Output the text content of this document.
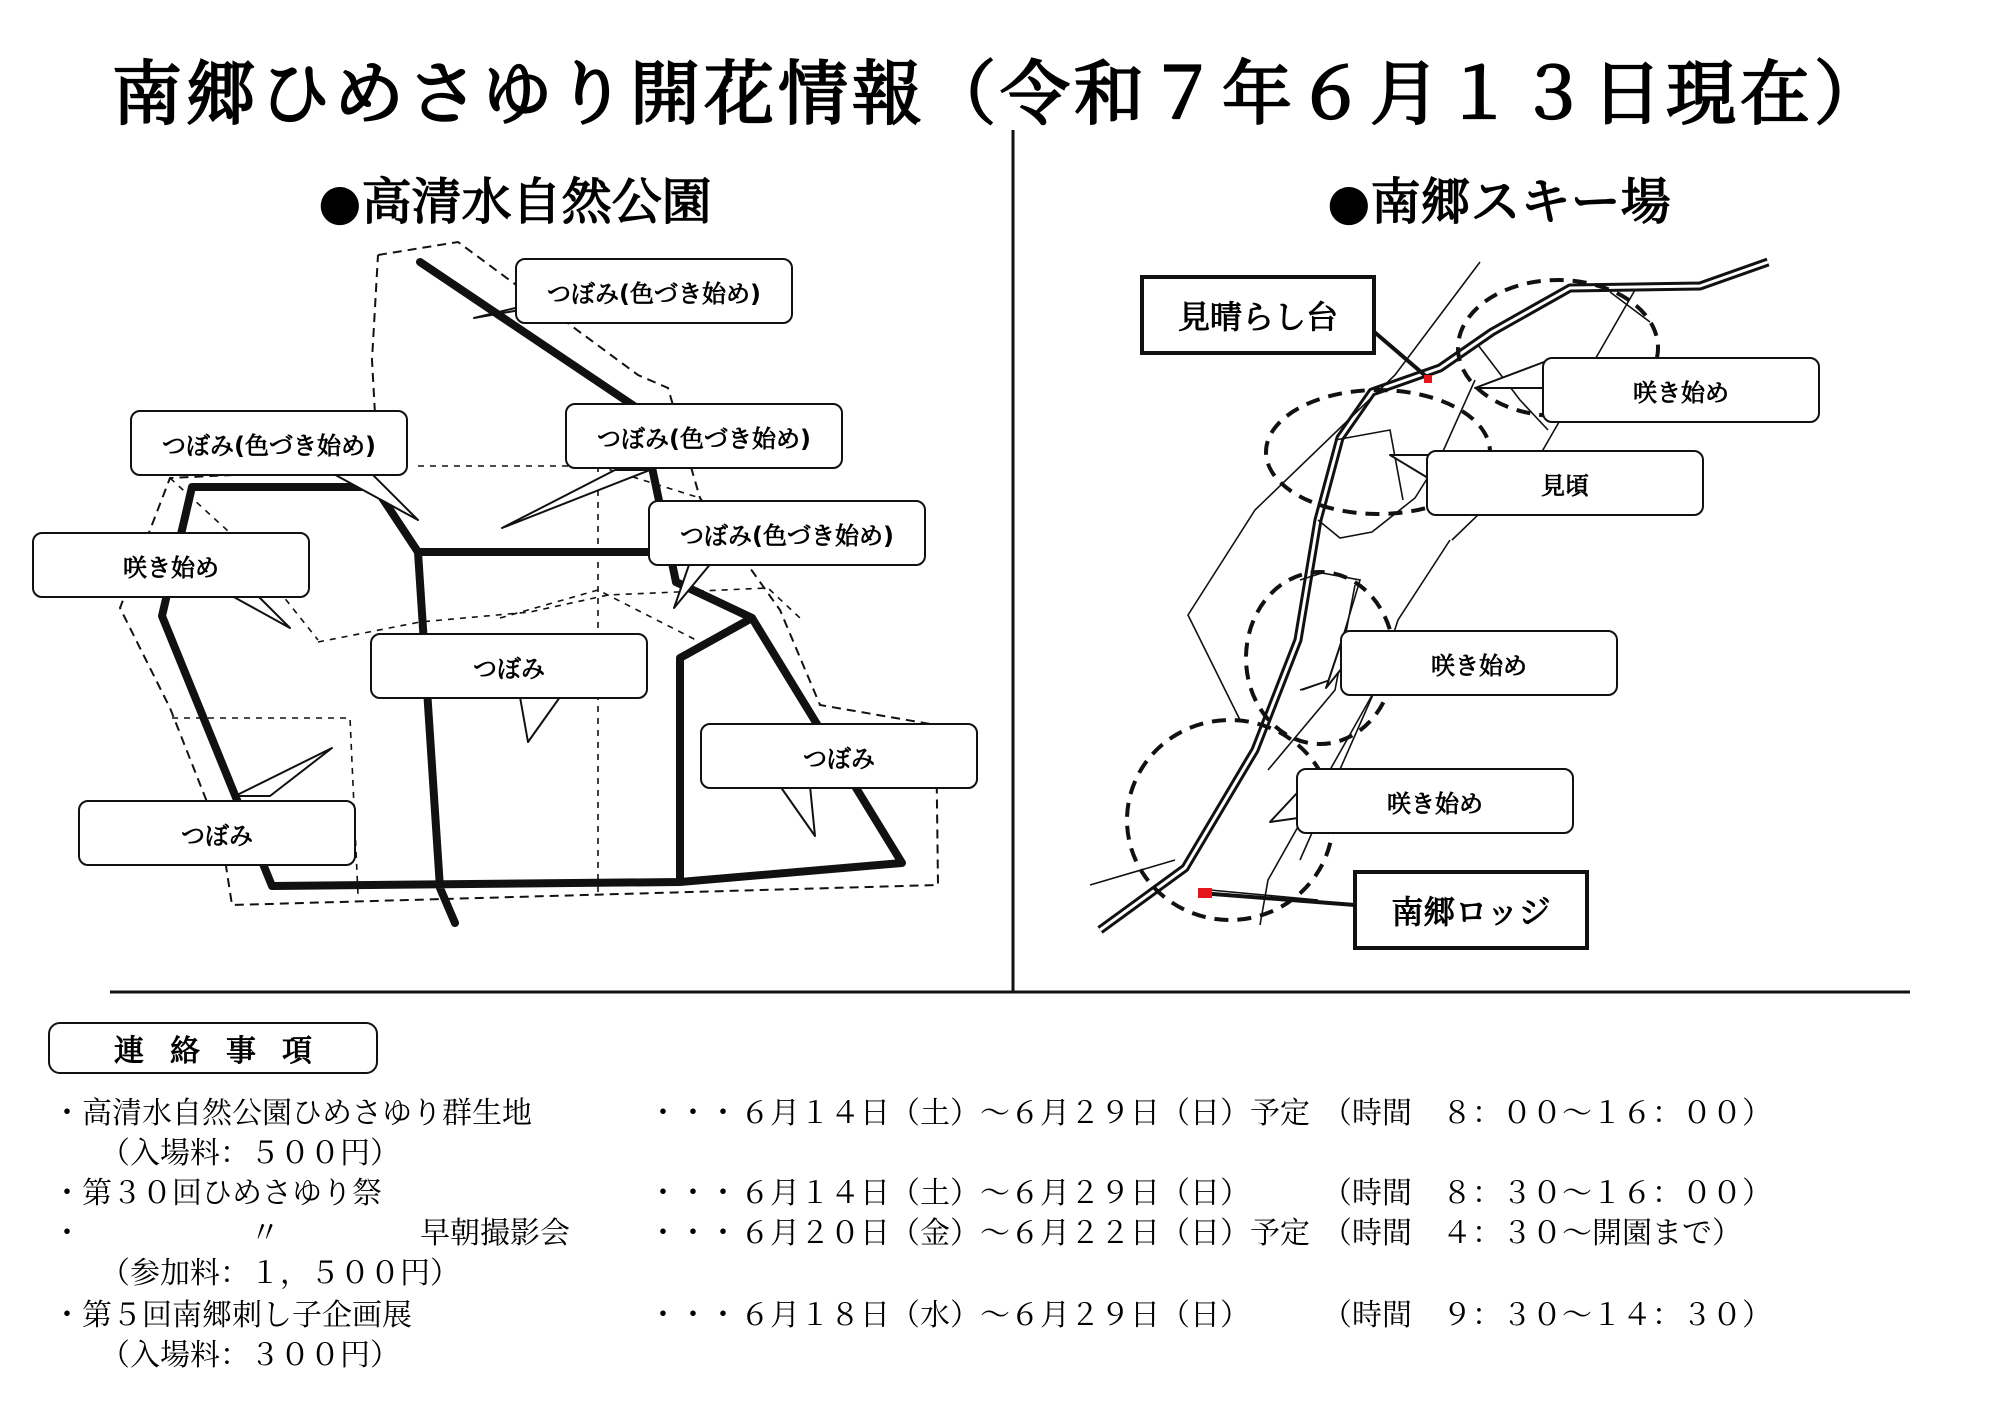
南郷ひめさゆり開花情報（令和７年６月１３日現在）
●高清水自然公園	●南郷スキー場
つぼみ(色づき始め)
つぼみ(色づき始め)	つぼみ(色づき始め)
咲き始め
つぼみ(色づき始め)
つぼみ
つぼみ
つぼみ
咲き始め
見頃
咲き始め
咲き始め
見晴らし台
南郷ロッジ
連絡事項
・高清水自然公園ひめさゆり群生地	・・・ ６月１４日（土）～６月２９日（日）予定 （時間　８：００～１６：００）
（入場料：５００円）
・第３０回ひめさゆり祭	・・・ ６月１４日（土）～６月２９日（日） （時間　８：３０～１６：００）
・	〃	早朝撮影会	・・・ ６月２０日（金）～６月２２日（日）予定 （時間　４：３０～開園まで）
（参加料：１，５００円）
・第５回南郷刺し子企画展	・・・ ６月１８日（水）～６月２９日（日） （時間　９：３０～１４：３０）
（入場料：３００円）
